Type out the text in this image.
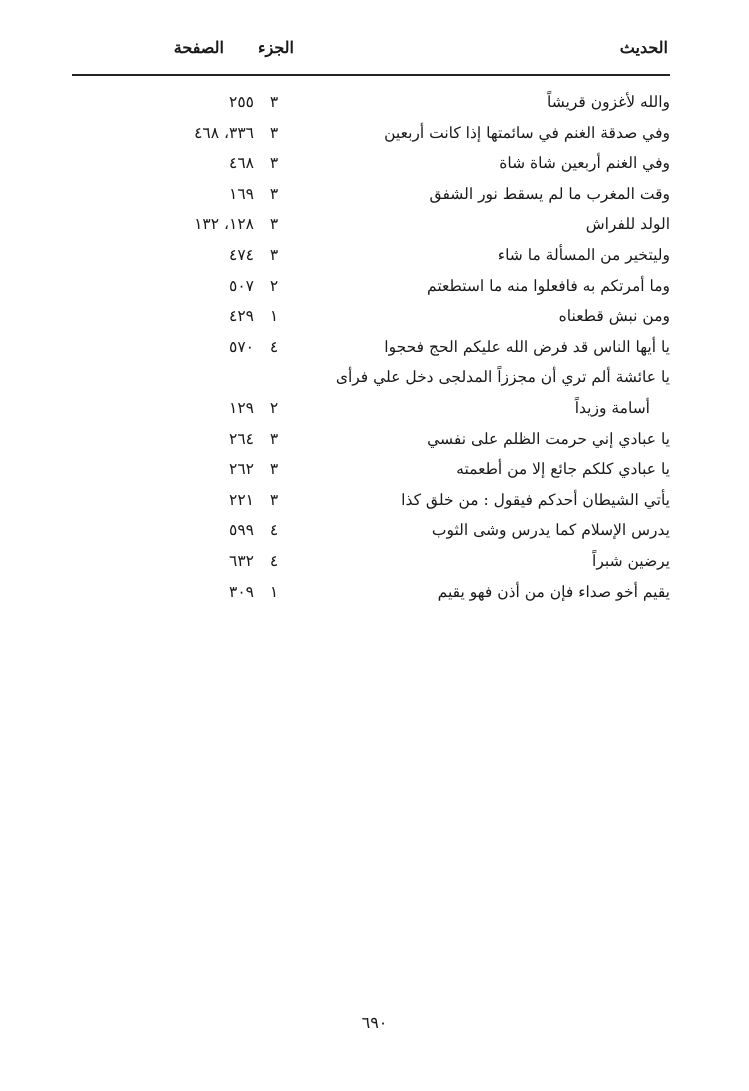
الحديث
الجزء
الصفحة
والله لأغزون قريشاً
٣
٢٥٥
وفي صدقة الغنم في سائمتها إذا كانت أربعين
٣
٣٣٦، ٤٦٨
وفي الغنم أربعين شاة شاة
٣
٤٦٨
وقت المغرب ما لم يسقط نور الشفق
٣
١٦٩
الولد للفراش
٣
١٢٨، ١٣٢
وليتخير من المسألة ما شاء
٣
٤٧٤
وما أمرتكم به فافعلوا منه ما استطعتم
٢
٥٠٧
ومن نبش قطعناه
١
٤٢٩
يا أيها الناس قد فرض الله عليكم الحج فحجوا
٤
٥٧٠
يا عائشة ألم تري أن مجززاً المدلجى دخل علي فرأى
أسامة وزيداً
٢
١٢٩
يا عبادي إني حرمت الظلم على نفسي
٣
٢٦٤
يا عبادي كلكم جائع إلا من أطعمته
٣
٢٦٢
يأتي الشيطان أحدكم فيقول : من خلق كذا
٣
٢٢١
يدرس الإسلام كما يدرس وشى الثوب
٤
٥٩٩
يرضين شبراً
٤
٦٣٢
يقيم أخو صداء فإن من أذن فهو يقيم
١
٣٠٩
٦٩٠
